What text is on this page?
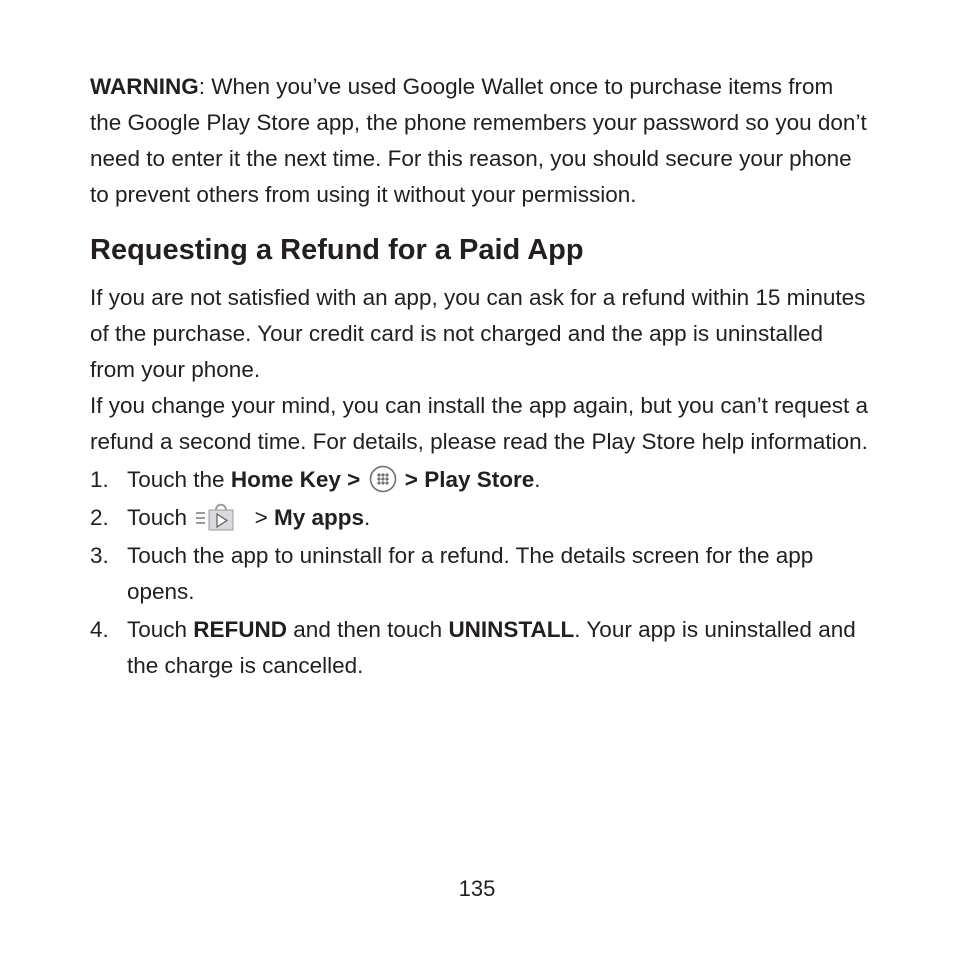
WARNING: When you’ve used Google Wallet once to purchase items from the Google Play Store app, the phone remembers your password so you don’t need to enter it the next time. For this reason, you should secure your phone to prevent others from using it without your permission.

Requesting a Refund for a Paid App

If you are not satisfied with an app, you can ask for a refund within 15 minutes of the purchase. Your credit card is not charged and the app is uninstalled from your phone.

If you change your mind, you can install the app again, but you can’t request a refund a second time. For details, please read the Play Store help information.

1. Touch the Home Key > > Play Store.
2. Touch	> My apps.
3. Touch the app to uninstall for a refund. The details screen for the app opens.
4. Touch REFUND and then touch UNINSTALL. Your app is uninstalled and the charge is cancelled.
135
